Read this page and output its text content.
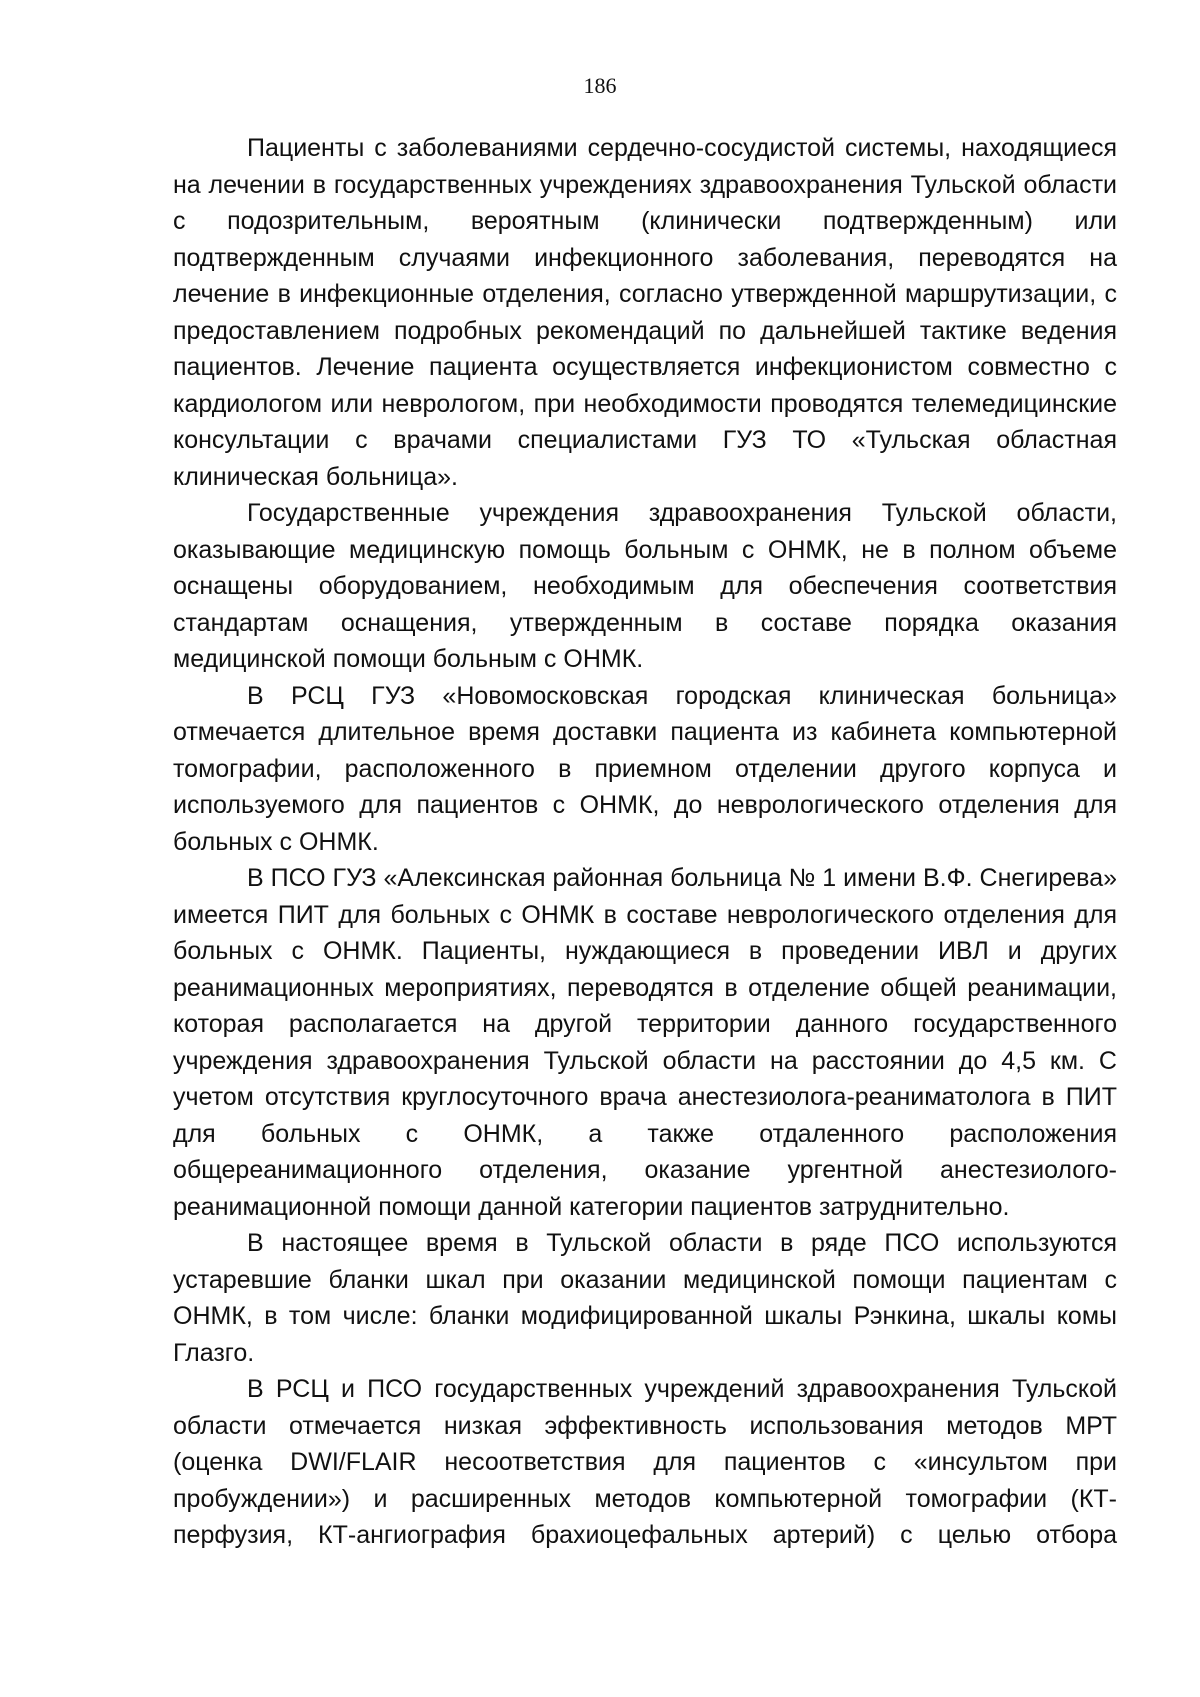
186

Пациенты с заболеваниями сердечно-сосудистой системы, находящиеся на лечении в государственных учреждениях здравоохранения Тульской области с подозрительным, вероятным (клинически подтвержденным) или подтвержденным случаями инфекционного заболевания, переводятся на лечение в инфекционные отделения, согласно утвержденной маршрутизации, с предоставлением подробных рекомендаций по дальнейшей тактике ведения пациентов. Лечение пациента осуществляется инфекционистом совместно с кардиологом или неврологом, при необходимости проводятся телемедицинские консультации с врачами специалистами ГУЗ ТО «Тульская областная клиническая больница».

Государственные учреждения здравоохранения Тульской области, оказывающие медицинскую помощь больным с ОНМК, не в полном объеме оснащены оборудованием, необходимым для обеспечения соответствия стандартам оснащения, утвержденным в составе порядка оказания медицинской помощи больным с ОНМК.

В РСЦ ГУЗ «Новомосковская городская клиническая больница» отмечается длительное время доставки пациента из кабинета компьютерной томографии, расположенного в приемном отделении другого корпуса и используемого для пациентов с ОНМК, до неврологического отделения для больных с ОНМК.

В ПСО ГУЗ «Алексинская районная больница № 1 имени В.Ф. Снегирева» имеется ПИТ для больных с ОНМК в составе неврологического отделения для больных с ОНМК. Пациенты, нуждающиеся в проведении ИВЛ и других реанимационных мероприятиях, переводятся в отделение общей реанимации, которая располагается на другой территории данного государственного учреждения здравоохранения Тульской области на расстоянии до 4,5 км. С учетом отсутствия круглосуточного врача анестезиолога-реаниматолога в ПИТ для больных с ОНМК, а также отдаленного расположения общереанимационного отделения, оказание ургентной анестезиолого-реанимационной помощи данной категории пациентов затруднительно.

В настоящее время в Тульской области в ряде ПСО используются устаревшие бланки шкал при оказании медицинской помощи пациентам с ОНМК, в том числе: бланки модифицированной шкалы Рэнкина, шкалы комы Глазго.

В РСЦ и ПСО государственных учреждений здравоохранения Тульской области отмечается низкая эффективность использования методов МРТ (оценка DWI/FLAIR несоответствия для пациентов с «инсультом при пробуждении») и расширенных методов компьютерной томографии (КТ-перфузия, КТ-ангиография брахиоцефальных артерий) с целью отбора
